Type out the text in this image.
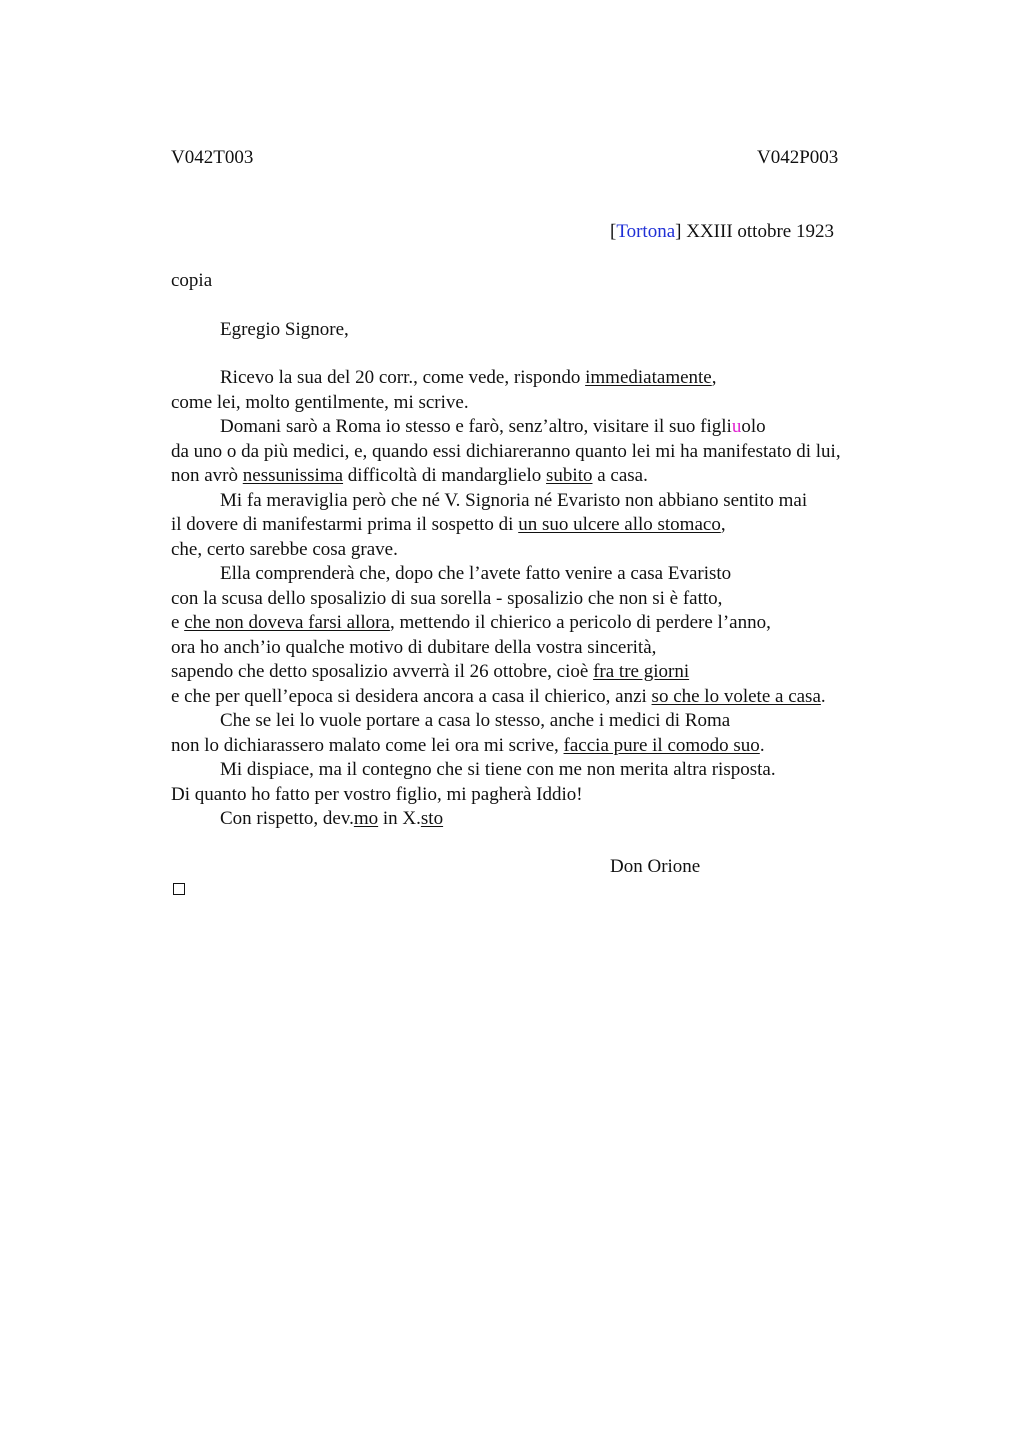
V042T003	V042P003
[Tortona] XXIII ottobre 1923
copia
Egregio Signore,
Ricevo la sua del 20 corr., come vede, rispondo immediatamente,
come lei, molto gentilmente, mi scrive.
Domani sarò a Roma io stesso e farò, senz’altro, visitare il suo figliuolo
da uno o da più medici, e, quando essi dichiareranno quanto lei mi ha manifestato di lui,
non avrò nessunissima difficoltà di mandarglielo subito a casa.
Mi fa meraviglia però che né V. Signoria né Evaristo non abbiano sentito mai
il dovere di manifestarmi prima il sospetto di un suo ulcere allo stomaco,
che, certo sarebbe cosa grave.
Ella comprenderà che, dopo che l’avete fatto venire a casa Evaristo
con la scusa dello sposalizio di sua sorella - sposalizio che non si è fatto,
e che non doveva farsi allora, mettendo il chierico a pericolo di perdere l’anno,
ora ho anch’io qualche motivo di dubitare della vostra sincerità,
sapendo che detto sposalizio avverrà il 26 ottobre, cioè fra tre giorni
e che per quell’epoca si desidera ancora a casa il chierico, anzi so che lo volete a casa.
Che se lei lo vuole portare a casa lo stesso, anche i medici di Roma
non lo dichiarassero malato come lei ora mi scrive, faccia pure il comodo suo.
Mi dispiace, ma il contegno che si tiene con me non merita altra risposta.
Di quanto ho fatto per vostro figlio, mi pagherà Iddio!
Con rispetto, dev.mo in X.sto
Don Orione
